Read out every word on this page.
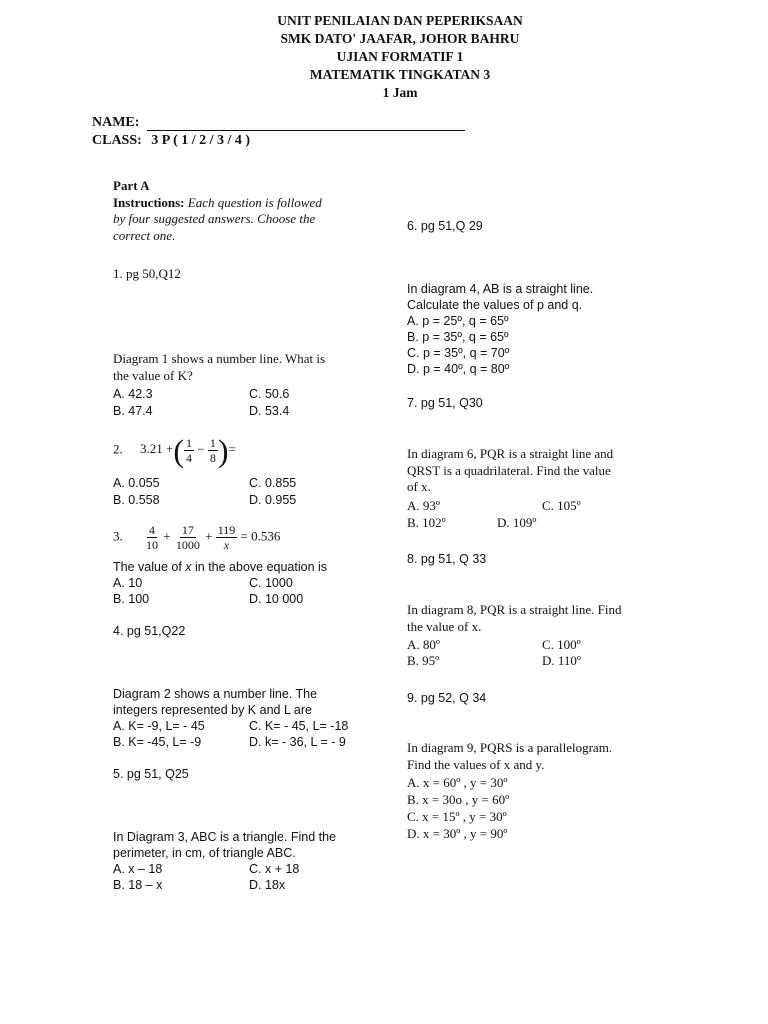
UNIT PENILAIAN DAN PEPERIKSAAN
SMK DATO' JAAFAR, JOHOR BAHRU
UJIAN FORMATIF 1
MATEMATIK TINGKATAN 3
1 Jam
NAME:
CLASS: 3 P ( 1 / 2 / 3 / 4 )
Part A
Instructions: Each question is followed
by four suggested answers. Choose the
correct one.
1. pg 50,Q12
Diagram 1 shows a number line. What is
the value of K?
A. 42.3	C. 50.6
B. 47.4	D. 53.4
2. 3.21 +( $\frac{1}{4} - \frac{1}{8}$ )=
A. 0.055	C. 0.855
B. 0.558	D. 0.955
3. $\frac{4}{10} + \frac{17}{1000} + \frac{119}{x} = 0.536$
The value of x in the above equation is
A. 10	C. 1000
B. 100	D. 10 000
4. pg 51,Q22
Diagram 2 shows a number line. The
integers represented by K and L are
A. K= -9, L= - 45	C. K= - 45, L= -18
B. K= -45, L= -9	D. k= - 36, L = - 9
5. pg 51, Q25
In Diagram 3, ABC is a triangle. Find the
perimeter, in cm, of triangle ABC.
A. x – 18	C. x + 18
B. 18 – x	D. 18x
6. pg 51,Q 29
In diagram 4, AB is a straight line.
Calculate the values of p and q.
A. p = 25º, q = 65º
B. p = 35º, q = 65º
C. p = 35º, q = 70º
D. p = 40º, q = 80º
7. pg 51, Q30
In diagram 6, PQR is a straight line and
QRST is a quadrilateral. Find the value
of x.
A. 93º	C. 105º
B. 102º	D. 109º
8. pg 51, Q 33
In diagram 8, PQR is a straight line. Find
the value of x.
A. 80º	C. 100º
B. 95º	D. 110º
9. pg 52, Q 34
In diagram 9, PQRS is a parallelogram.
Find the values of x and y.
A. x = 60º , y = 30º
B. x = 30o , y = 60º
C. x = 15º , y = 30º
D. x = 30º , y = 90º
